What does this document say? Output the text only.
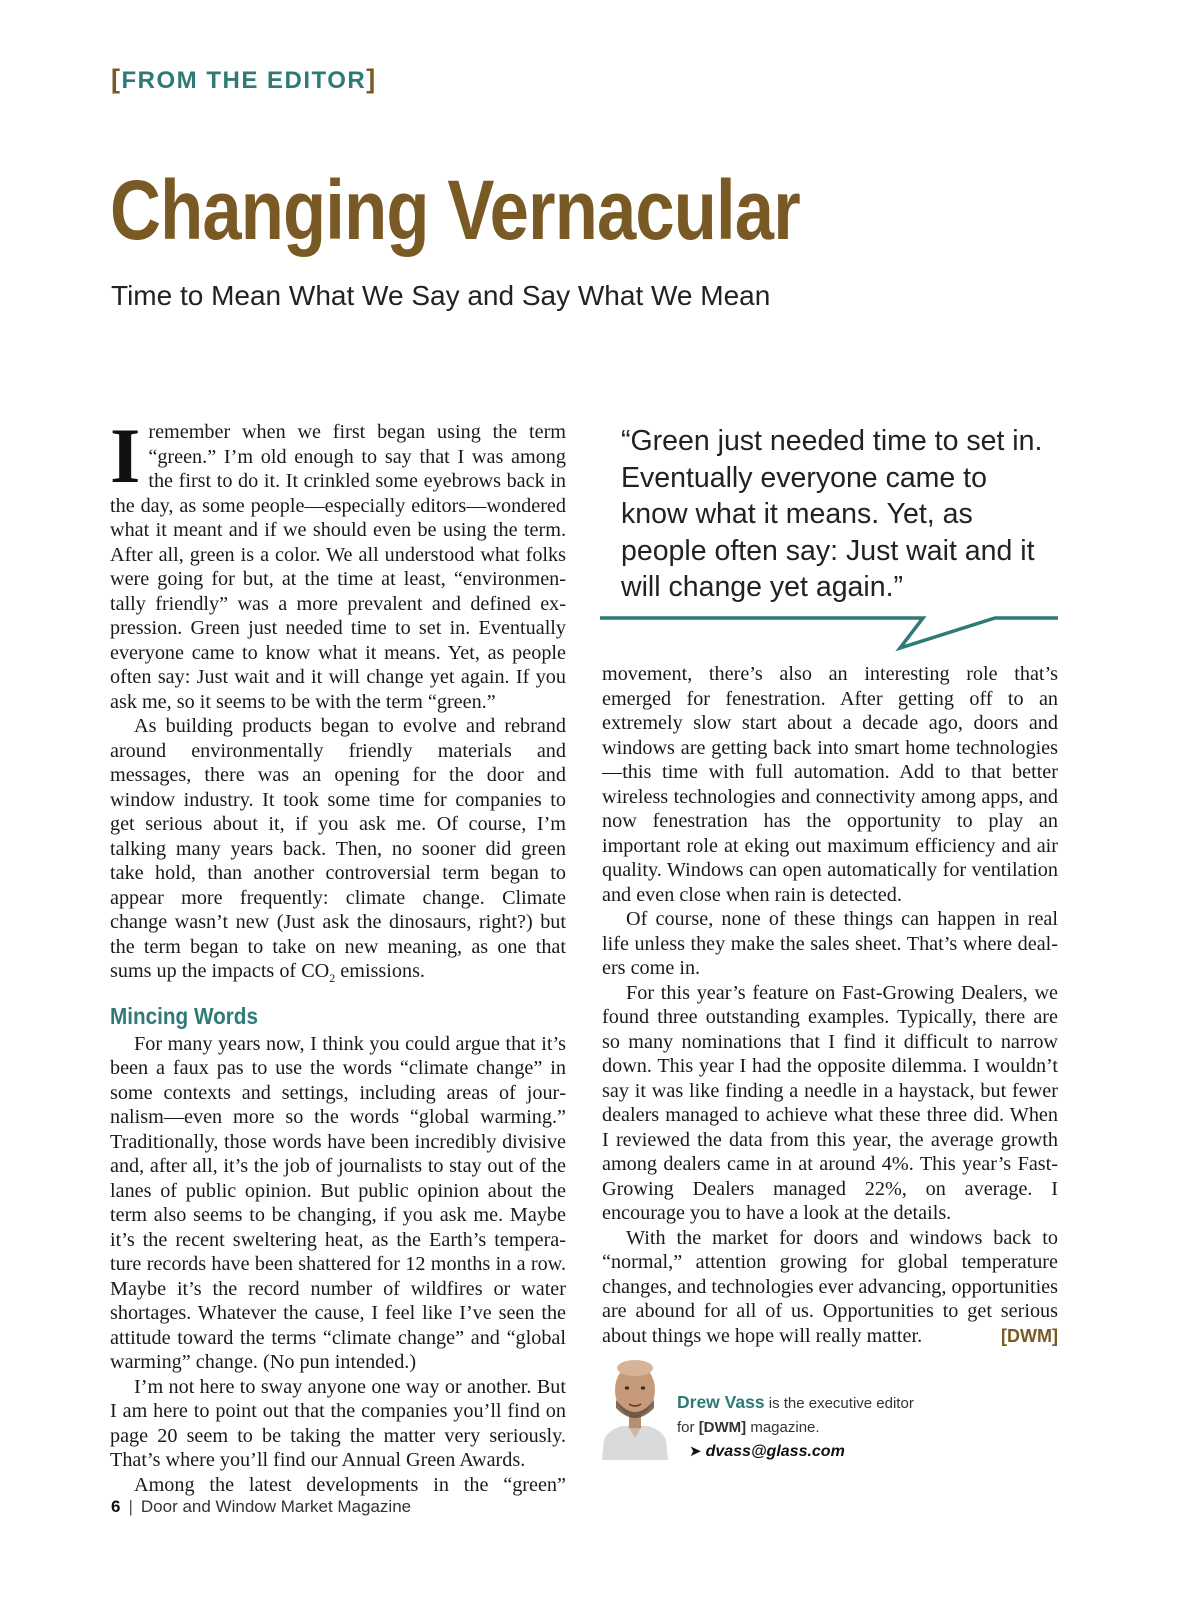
[FROM THE EDITOR]
Changing Vernacular
Time to Mean What We Say and Say What We Mean

Iremember when we first began using the term “green.” I’m old enough to say that I was among the first to do it. It crinkled some eyebrows back in the day, as some people—especially editors—wondered what it meant and if we should even be using the term. After all, green is a color. We all understood what folks were going for but, at the time at least, “environmentally friendly” was a more prevalent and defined expression. Green just needed time to set in. Eventually everyone came to know what it means. Yet, as people often say: Just wait and it will change yet again. If you ask me, so it seems to be with the term “green.”

As building products began to evolve and rebrand around environmentally friendly materials and messages, there was an opening for the door and window industry. It took some time for companies to get serious about it, if you ask me. Of course, I’m talking many years back. Then, no sooner did green take hold, than another controversial term began to appear more frequently: climate change. Climate change wasn’t new (Just ask the dinosaurs, right?) but the term began to take on new meaning, as one that sums up the impacts of $CO_2$ emissions.

Mincing Words

For many years now, I think you could argue that it’s been a faux pas to use the words “climate change” in some contexts and settings, including areas of journalism—even more so the words “global warming.” Traditionally, those words have been incredibly divisive and, after all, it’s the job of journalists to stay out of the lanes of public opinion. But public opinion about the term also seems to be changing, if you ask me. Maybe it’s the recent sweltering heat, as the Earth’s temperature records have been shattered for 12 months in a row. Maybe it’s the record number of wildfires or water shortages. Whatever the cause, I feel like I’ve seen the attitude toward the terms “climate change” and “global warming” change. (No pun intended.)

I’m not here to sway anyone one way or another. But I am here to point out that the companies you’ll find on page 20 seem to be taking the matter very seriously. That’s where you’ll find our Annual Green Awards.

Among the latest developments in the “green”

“Green just needed time to set in. Eventually everyone came to know what it means. Yet, as people often say: Just wait and it will change yet again.”

movement, there’s also an interesting role that’s emerged for fenestration. After getting off to an extremely slow start about a decade ago, doors and windows are getting back into smart home technologies—this time with full automation. Add to that better wireless technologies and connectivity among apps, and now fenestration has the opportunity to play an important role at eking out maximum efficiency and air quality. Windows can open automatically for ventilation and even close when rain is detected.

Of course, none of these things can happen in real life unless they make the sales sheet. That’s where dealers come in.

For this year’s feature on Fast-Growing Dealers, we found three outstanding examples. Typically, there are so many nominations that I find it difficult to narrow down. This year I had the opposite dilemma. I wouldn’t say it was like finding a needle in a haystack, but fewer dealers managed to achieve what these three did. When I reviewed the data from this year, the average growth among dealers came in at around 4%. This year’s Fast-Growing Dealers managed 22%, on average. I encourage you to have a look at the details.

With the market for doors and windows back to “normal,” attention growing for global temperature changes, and technologies ever advancing, opportunities are abound for all of us. Opportunities to get serious about things we hope will really matter.	[DWM]

Drew Vass is the executive editor
for [DWM] magazine.
➤ dvass@glass.com
6 | Door and Window Market Magazine
